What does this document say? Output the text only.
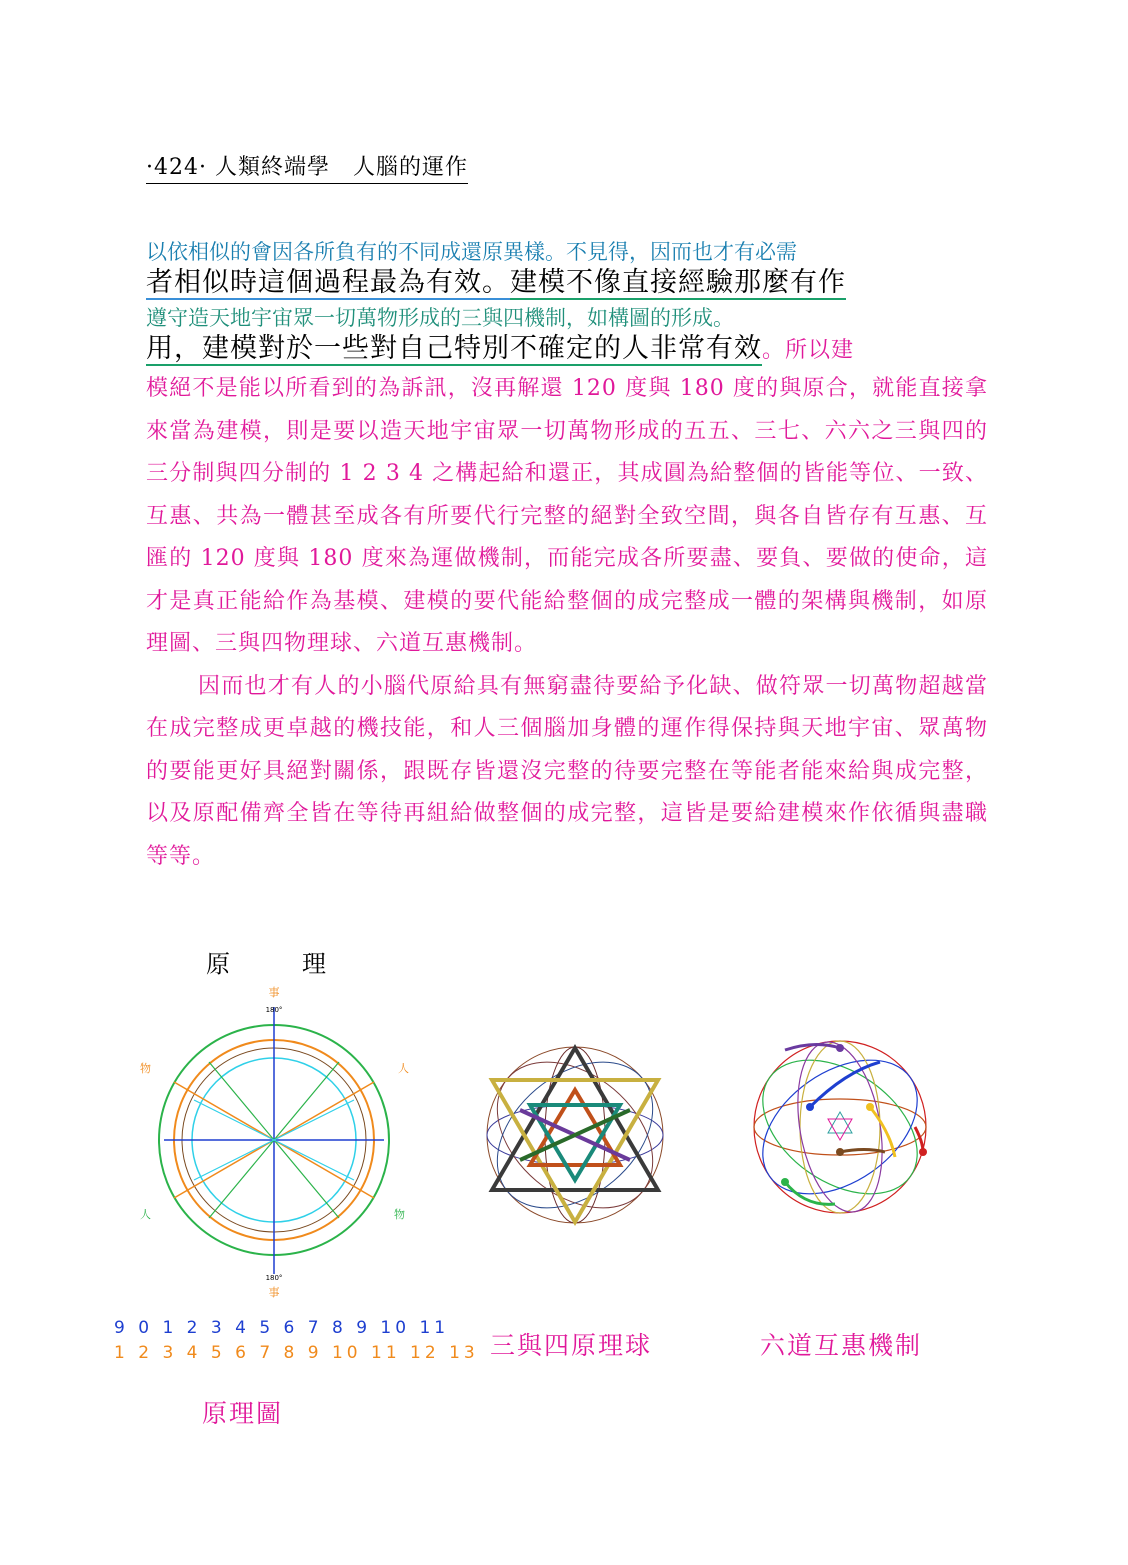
·424· 人類終端學　人腦的運作
以依相似的會因各所負有的不同成還原異樣。不見得，因而也才有必需
者相似時這個過程最為有效。建模不像直接經驗那麼有作
遵守造天地宇宙眾一切萬物形成的三與四機制，如構圖的形成。
用，建模對於一些對自己特別不確定的人非常有效。所以建

模絕不是能以所看到的為訴訊，沒再解還 120 度與 180 度的與原合，就能直接拿來當為建模，則是要以造天地宇宙眾一切萬物形成的五五、三七、六六之三與四的三分制與四分制的 1 2 3 4 之構起給和還正，其成圓為給整個的皆能等位、一致、互惠、共為一體甚至成各有所要代行完整的絕對全致空間，與各自皆存有互惠、互匯的 120 度與 180 度來為運做機制，而能完成各所要盡、要負、要做的使命，這才是真正能給作為基模、建模的要代能給整個的成完整成一體的架構與機制，如原理圖、三與四物理球、六道互惠機制。

因而也才有人的小腦代原給具有無窮盡待要給予化缺、做符眾一切萬物超越當在成完整成更卓越的機技能，和人三個腦加身體的運作得保持與天地宇宙、眾萬物的要能更好具絕對關係，跟既存皆還沒完整的待要完整在等能者能來給與成完整，以及原配備齊全皆在等待再組給做整個的成完整，這皆是要給建模來作依循與盡職等等。

原　　　理
事
180°
事
180°
物	人
人	物
9 0 1 2 3 4 5 6 7 8 9 10 11
1 2 3 4 5 6 7 8 9 10 11 12 13 三與四原理球	六道互惠機制
原理圖
